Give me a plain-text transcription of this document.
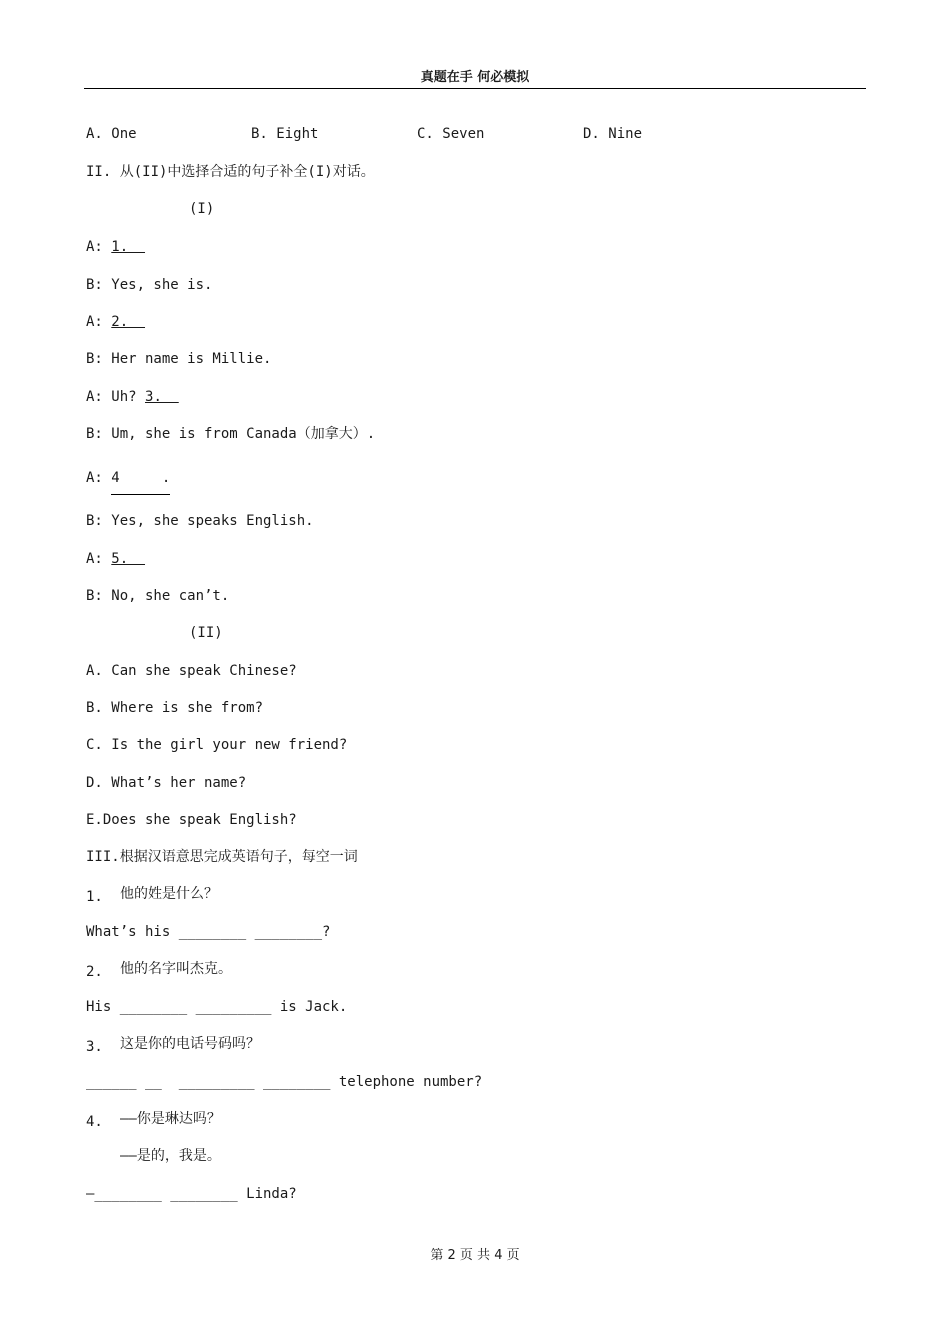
真题在手 何必模拟
A. One	B. Eight	C. Seven	D. Nine
II. 从(II)中选择合适的句子补全(I)对话。
(I)
A: 1.
B: Yes, she is.
A: 2.
B: Her name is Millie.
A: Uh? 3.
B: Um, she is from Canada（加拿大）.
A: 4     .
B: Yes, she speaks English.
A: 5.
B: No, she can’t.
(II)
A. Can she speak Chinese?
B. Where is she from?
C. Is the girl your new friend?
D. What’s her name?
E.Does she speak English?
III.根据汉语意思完成英语句子，每空一词
1. 他的姓是什么？
What’s his ________ ________?
2. 他的名字叫杰克。
His ________ _________ is Jack.
3. 这是你的电话号码吗？
______ __  _________ ________ telephone number?
4. ——你是琳达吗？
——是的，我是。
—________ ________ Linda?
第 2 页 共 4 页
